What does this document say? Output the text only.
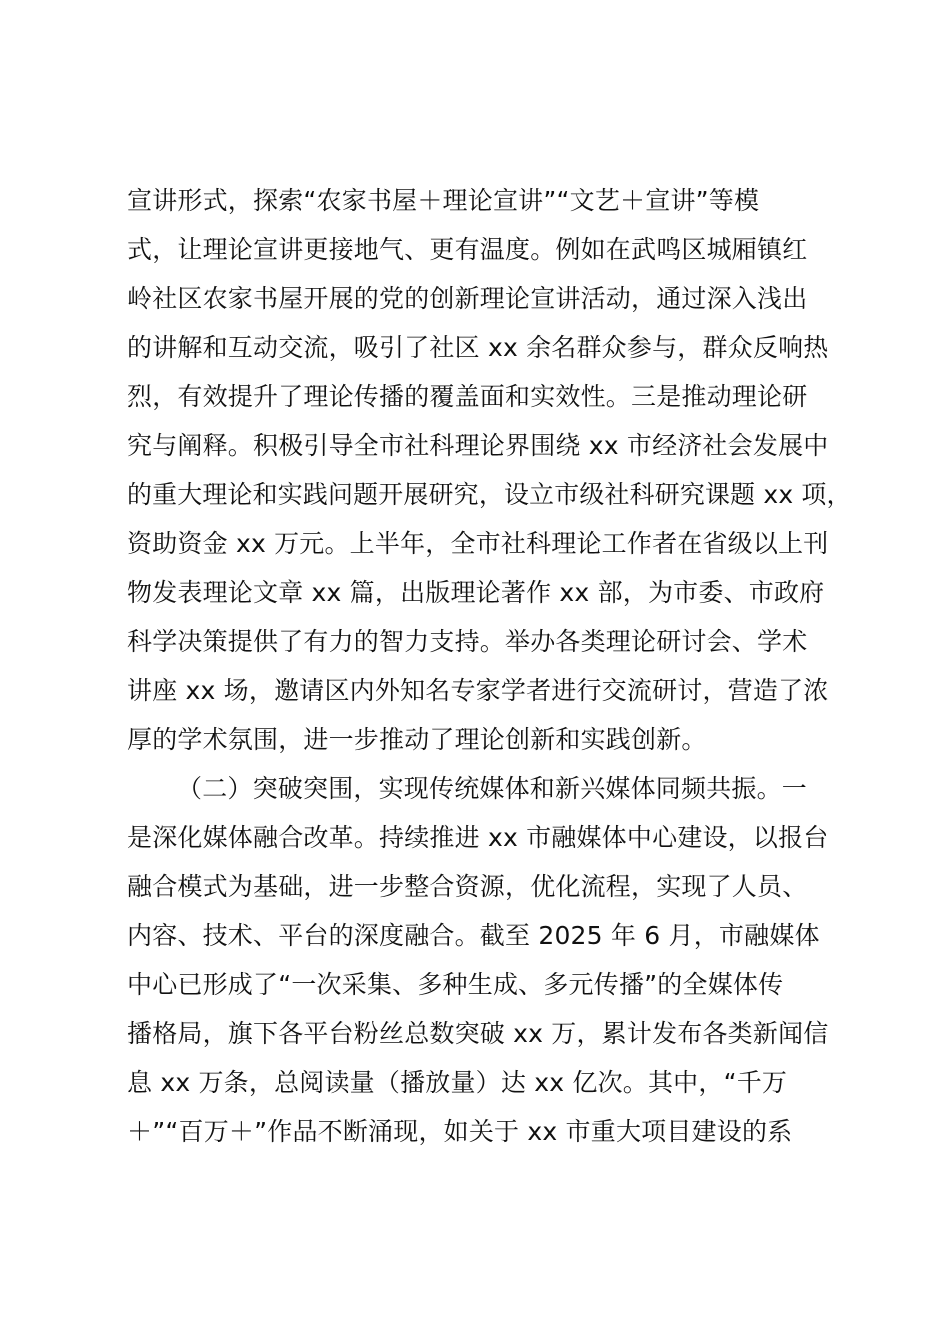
宣讲形式，探索“农家书屋＋理论宣讲”“文艺＋宣讲”等模
式，让理论宣讲更接地气、更有温度。例如在武鸣区城厢镇红
岭社区农家书屋开展的党的创新理论宣讲活动，通过深入浅出
的讲解和互动交流，吸引了社区 xx 余名群众参与，群众反响热
烈，有效提升了理论传播的覆盖面和实效性。三是推动理论研
究与阐释。积极引导全市社科理论界围绕 xx 市经济社会发展中
的重大理论和实践问题开展研究，设立市级社科研究课题 xx 项，
资助资金 xx 万元。上半年，全市社科理论工作者在省级以上刊
物发表理论文章 xx 篇，出版理论著作 xx 部，为市委、市政府
科学决策提供了有力的智力支持。举办各类理论研讨会、学术
讲座 xx 场，邀请区内外知名专家学者进行交流研讨，营造了浓
厚的学术氛围，进一步推动了理论创新和实践创新。
（二）突破突围，实现传统媒体和新兴媒体同频共振。一
是深化媒体融合改革。持续推进 xx 市融媒体中心建设，以报台
融合模式为基础，进一步整合资源，优化流程，实现了人员、
内容、技术、平台的深度融合。截至 2025 年 6 月，市融媒体
中心已形成了“一次采集、多种生成、多元传播”的全媒体传
播格局，旗下各平台粉丝总数突破 xx 万，累计发布各类新闻信
息 xx 万条，总阅读量（播放量）达 xx 亿次。其中，“千万
＋”“百万＋”作品不断涌现，如关于 xx 市重大项目建设的系
